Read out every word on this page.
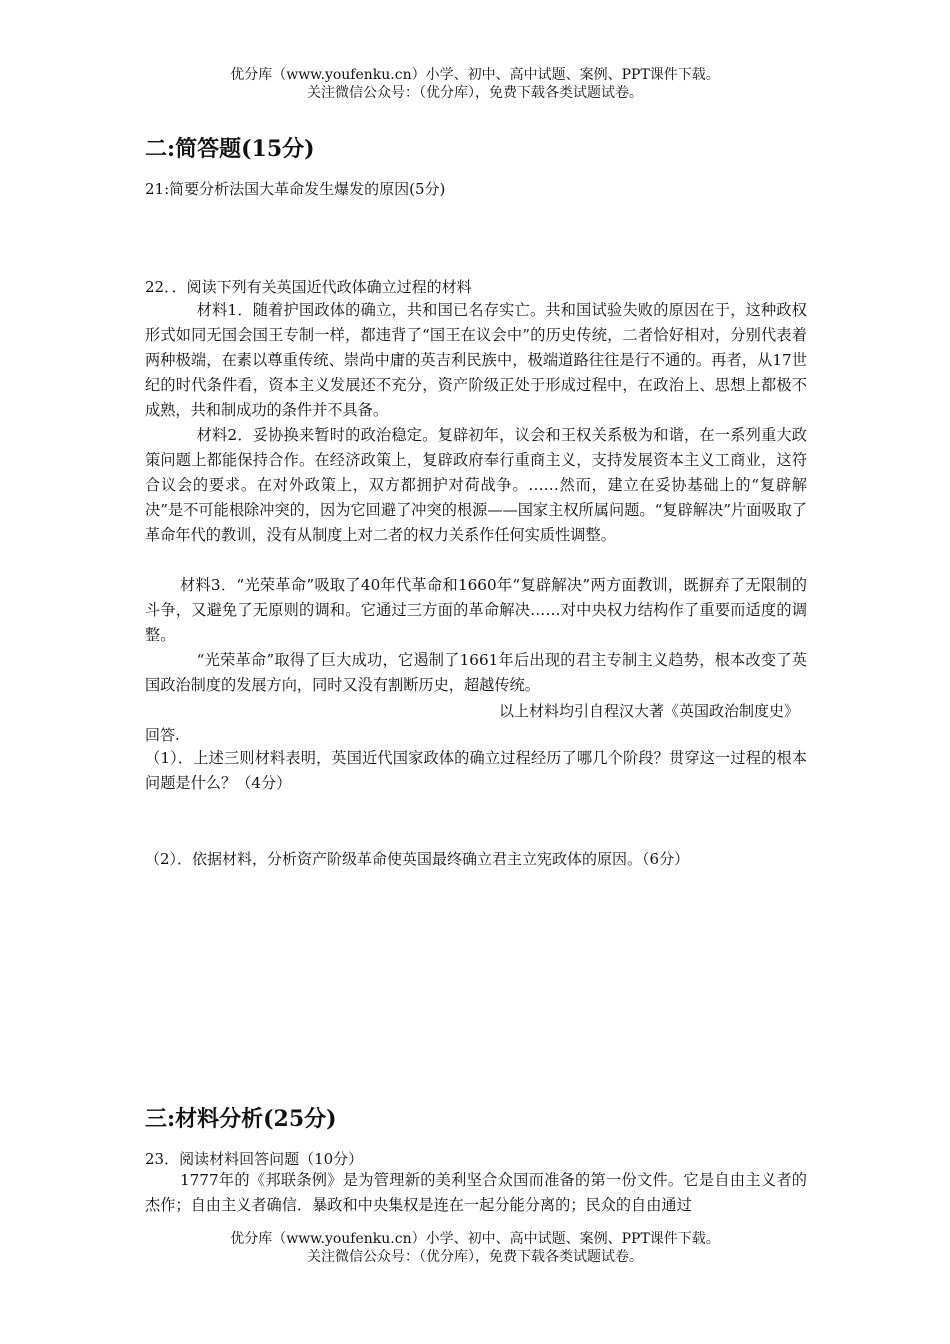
优分库（www.youfenku.cn）小学、初中、高中试题、案例、PPT课件下载。
关注微信公众号：（优分库），免费下载各类试题试卷。
二:简答题(15分)
21:简要分析法国大革命发生爆发的原因(5分)
22．．阅读下列有关英国近代政体确立过程的材料

材料1．随着护国政体的确立，共和国已名存实亡。共和国试验失败的原因在于，这种政权形式如同无国会国王专制一样，都违背了“国王在议会中”的历史传统，二者恰好相对，分别代表着两种极端，在素以尊重传统、崇尚中庸的英吉利民族中，极端道路往往是行不通的。再者，从17世纪的时代条件看，资本主义发展还不充分，资产阶级正处于形成过程中，在政治上、思想上都极不成熟，共和制成功的条件并不具备。

材料2．妥协换来暂时的政治稳定。复辟初年，议会和王权关系极为和谐，在一系列重大政策问题上都能保持合作。在经济政策上，复辟政府奉行重商主义，支持发展资本主义工商业，这符合议会的要求。在对外政策上，双方都拥护对荷战争。……然而，建立在妥协基础上的“复辟解决”是不可能根除冲突的，因为它回避了冲突的根源——国家主权所属问题。“复辟解决”片面吸取了革命年代的教训，没有从制度上对二者的权力关系作任何实质性调整。

材料3．“光荣革命”吸取了40年代革命和1660年“复辟解决”两方面教训，既摒弃了无限制的斗争，又避免了无原则的调和。它通过三方面的革命解决……对中央权力结构作了重要而适度的调整。

“光荣革命”取得了巨大成功，它遏制了1661年后出现的君主专制主义趋势，根本改变了英国政治制度的发展方向，同时又没有割断历史，超越传统。

以上材料均引自程汉大著《英国政治制度史》
回答.

（1）．上述三则材料表明，英国近代国家政体的确立过程经历了哪几个阶段？贯穿这一过程的根本问题是什么？（4分）

（2）．依据材料，分析资产阶级革命使英国最终确立君主立宪政体的原因。（6分）
三:材料分析(25分)
23．阅读材料回答问题（10分）

1777年的《邦联条例》是为管理新的美利坚合众国而准备的第一份文件。它是自由主义者的杰作；自由主义者确信．暴政和中央集权是连在一起分能分离的；民众的自由通过

优分库（www.youfenku.cn）小学、初中、高中试题、案例、PPT课件下载。
关注微信公众号：（优分库），免费下载各类试题试卷。
